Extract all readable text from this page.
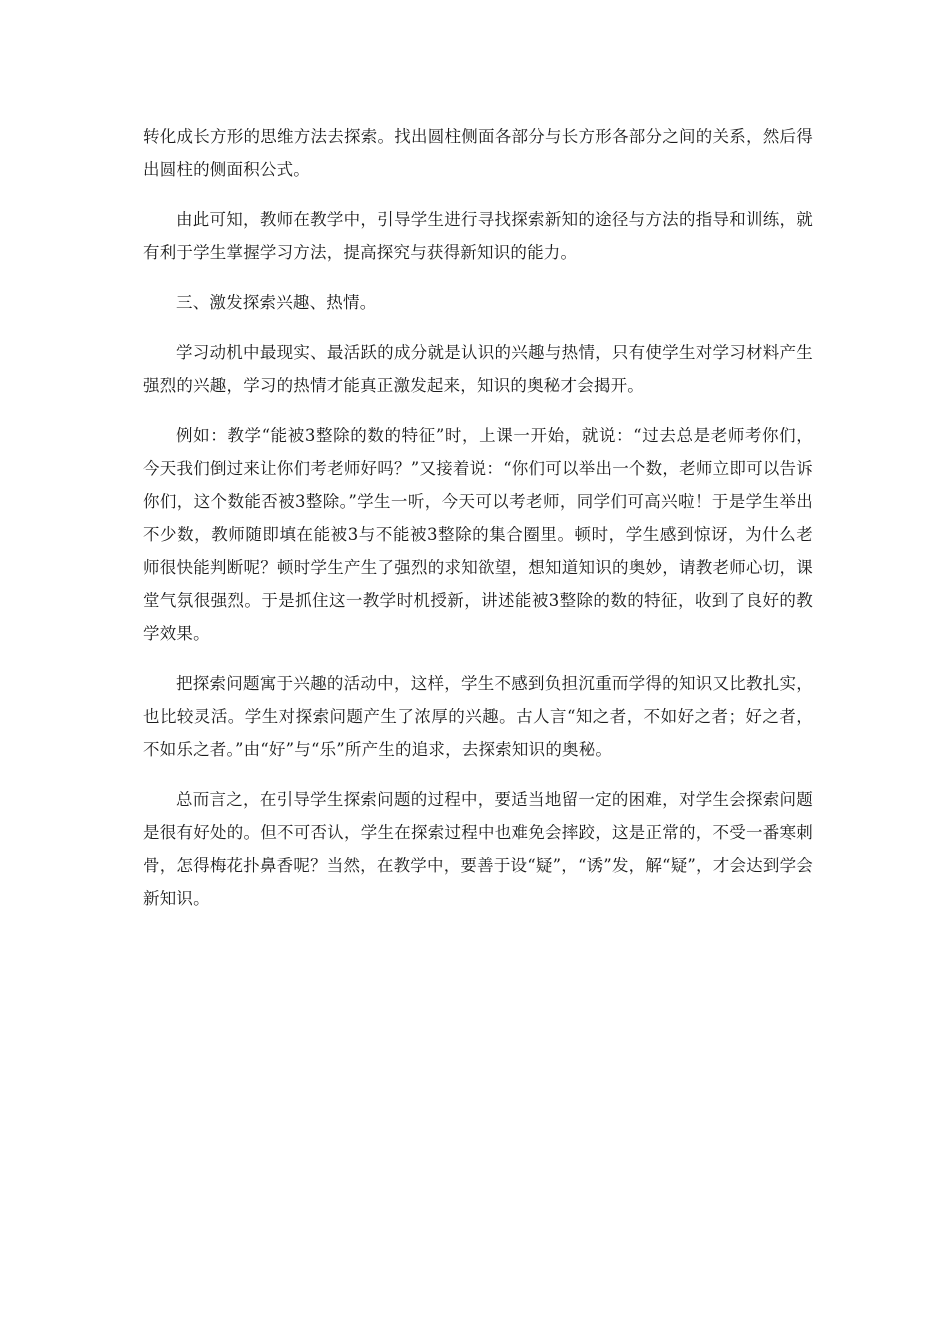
转化成长方形的思维方法去探索。找出圆柱侧面各部分与长方形各部分之间的关系，然后得出圆柱的侧面积公式。

由此可知，教师在教学中，引导学生进行寻找探索新知的途径与方法的指导和训练，就有利于学生掌握学习方法，提高探究与获得新知识的能力。

三、激发探索兴趣、热情。

学习动机中最现实、最活跃的成分就是认识的兴趣与热情，只有使学生对学习材料产生强烈的兴趣，学习的热情才能真正激发起来，知识的奥秘才会揭开。

例如：教学“能被3整除的数的特征”时，上课一开始，就说：“过去总是老师考你们，今天我们倒过来让你们考老师好吗？”又接着说：“你们可以举出一个数，老师立即可以告诉你们，这个数能否被3整除。”学生一听，今天可以考老师，同学们可高兴啦！于是学生举出不少数，教师随即填在能被3与不能被3整除的集合圈里。顿时，学生感到惊讶，为什么老师很快能判断呢？顿时学生产生了强烈的求知欲望，想知道知识的奥妙，请教老师心切，课堂气氛很强烈。于是抓住这一教学时机授新，讲述能被3整除的数的特征，收到了良好的教学效果。

把探索问题寓于兴趣的活动中，这样，学生不感到负担沉重而学得的知识又比教扎实，也比较灵活。学生对探索问题产生了浓厚的兴趣。古人言“知之者，不如好之者；好之者，不如乐之者。”由“好”与“乐”所产生的追求，去探索知识的奥秘。

总而言之，在引导学生探索问题的过程中，要适当地留一定的困难，对学生会探索问题是很有好处的。但不可否认，学生在探索过程中也难免会摔跤，这是正常的，不受一番寒刺骨，怎得梅花扑鼻香呢？当然，在教学中，要善于设“疑”，“诱”发，解“疑”，才会达到学会新知识。
